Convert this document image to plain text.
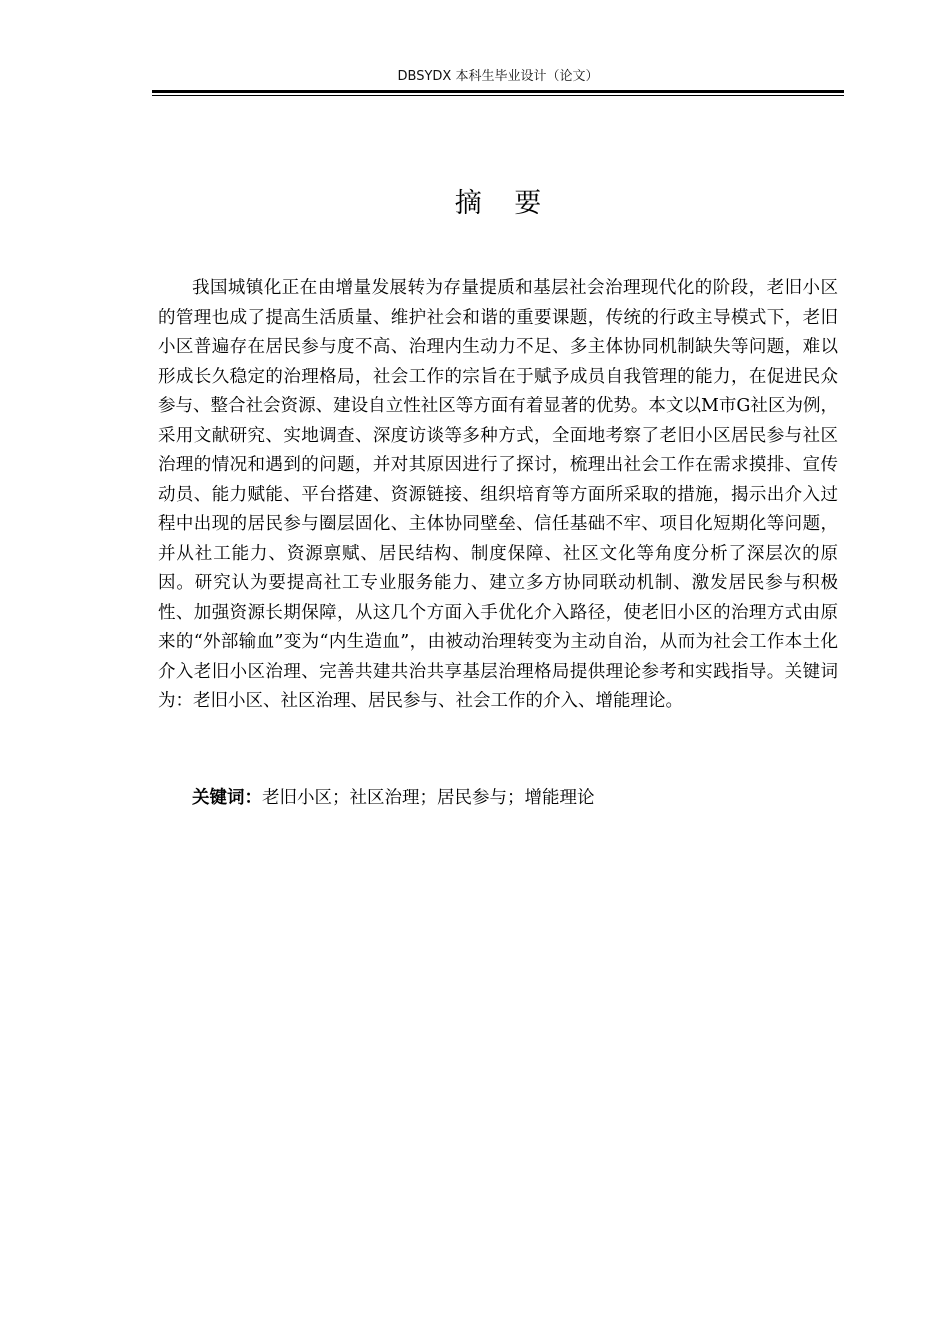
DBSYDX 本科生毕业设计（论文）
摘 要

我国城镇化正在由增量发展转为存量提质和基层社会治理现代化的阶段，老旧小区的管理也成了提高生活质量、维护社会和谐的重要课题，传统的行政主导模式下，老旧小区普遍存在居民参与度不高、治理内生动力不足、多主体协同机制缺失等问题，难以形成长久稳定的治理格局，社会工作的宗旨在于赋予成员自我管理的能力，在促进民众参与、整合社会资源、建设自立性社区等方面有着显著的优势。本文以M市G社区为例，采用文献研究、实地调查、深度访谈等多种方式，全面地考察了老旧小区居民参与社区治理的情况和遇到的问题，并对其原因进行了探讨，梳理出社会工作在需求摸排、宣传动员、能力赋能、平台搭建、资源链接、组织培育等方面所采取的措施，揭示出介入过程中出现的居民参与圈层固化、主体协同壁垒、信任基础不牢、项目化短期化等问题，并从社工能力、资源禀赋、居民结构、制度保障、社区文化等角度分析了深层次的原因。研究认为要提高社工专业服务能力、建立多方协同联动机制、激发居民参与积极性、加强资源长期保障，从这几个方面入手优化介入路径，使老旧小区的治理方式由原来的“外部输血”变为“内生造血”，由被动治理转变为主动自治，从而为社会工作本土化介入老旧小区治理、完善共建共治共享基层治理格局提供理论参考和实践指导。关键词为：老旧小区、社区治理、居民参与、社会工作的介入、增能理论。

关键词：老旧小区；社区治理；居民参与；增能理论
